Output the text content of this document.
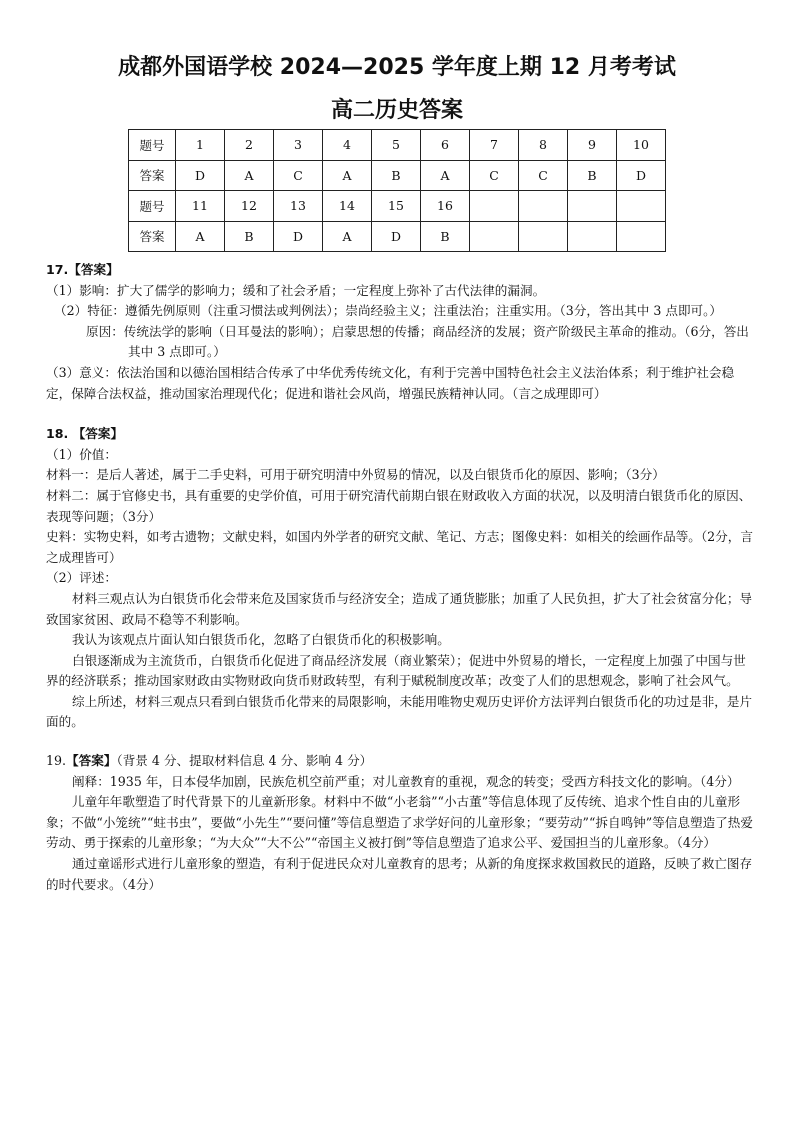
成都外国语学校 2024—2025 学年度上期 12 月考考试
高二历史答案
题号	1	2	3	4	5	6	7	8	9	10
答案	D	A	C	A	B	A	C	C	B	D
题号	11	12	13	14	15	16				
答案	A	B	D	A	D	B				

17.【答案】

（1）影响：扩大了儒学的影响力；缓和了社会矛盾；一定程度上弥补了古代法律的漏洞。

（2）特征：遵循先例原则（注重习惯法或判例法）；崇尚经验主义；注重法治；注重实用。（3分，答出其中 3 点即可。）

原因：传统法学的影响（日耳曼法的影响）；启蒙思想的传播；商品经济的发展；资产阶级民主革命的推动。（6分，答出其中 3 点即可。）

（3）意义：依法治国和以德治国相结合传承了中华优秀传统文化，有利于完善中国特色社会主义法治体系；利于维护社会稳定，保障合法权益，推动国家治理现代化；促进和谐社会风尚，增强民族精神认同。（言之成理即可）

18. 【答案】

（1）价值：

材料一：是后人著述，属于二手史料，可用于研究明清中外贸易的情况，以及白银货币化的原因、影响；（3分）

材料二：属于官修史书，具有重要的史学价值，可用于研究清代前期白银在财政收入方面的状况，以及明清白银货币化的原因、表现等问题；（3分）

史料：实物史料，如考古遗物；文献史料，如国内外学者的研究文献、笔记、方志；图像史料：如相关的绘画作品等。（2分，言之成理皆可）

（2）评述：

材料三观点认为白银货币化会带来危及国家货币与经济安全；造成了通货膨胀；加重了人民负担，扩大了社会贫富分化；导致国家贫困、政局不稳等不利影响。

我认为该观点片面认知白银货币化，忽略了白银货币化的积极影响。

白银逐渐成为主流货币，白银货币化促进了商品经济发展（商业繁荣）；促进中外贸易的增长，一定程度上加强了中国与世界的经济联系；推动国家财政由实物财政向货币财政转型，有利于赋税制度改革；改变了人们的思想观念，影响了社会风气。

综上所述，材料三观点只看到白银货币化带来的局限影响，未能用唯物史观历史评价方法评判白银货币化的功过是非，是片面的。

19.【答案】（背景 4 分、提取材料信息 4 分、影响 4 分）

阐释：1935 年，日本侵华加剧，民族危机空前严重；对儿童教育的重视，观念的转变；受西方科技文化的影响。（4分）

儿童年年歌塑造了时代背景下的儿童新形象。材料中不做“小老翁”“小古董”等信息体现了反传统、追求个性自由的儿童形象；不做“小笼统”“蛀书虫”，要做“小先生”“要问懂”等信息塑造了求学好问的儿童形象；“要劳动”“拆自鸣钟”等信息塑造了热爱劳动、勇于探索的儿童形象；“为大众”“大不公”“帝国主义被打倒”等信息塑造了追求公平、爱国担当的儿童形象。（4分）

通过童谣形式进行儿童形象的塑造，有利于促进民众对儿童教育的思考；从新的角度探求救国救民的道路，反映了救亡图存的时代要求。（4分）
